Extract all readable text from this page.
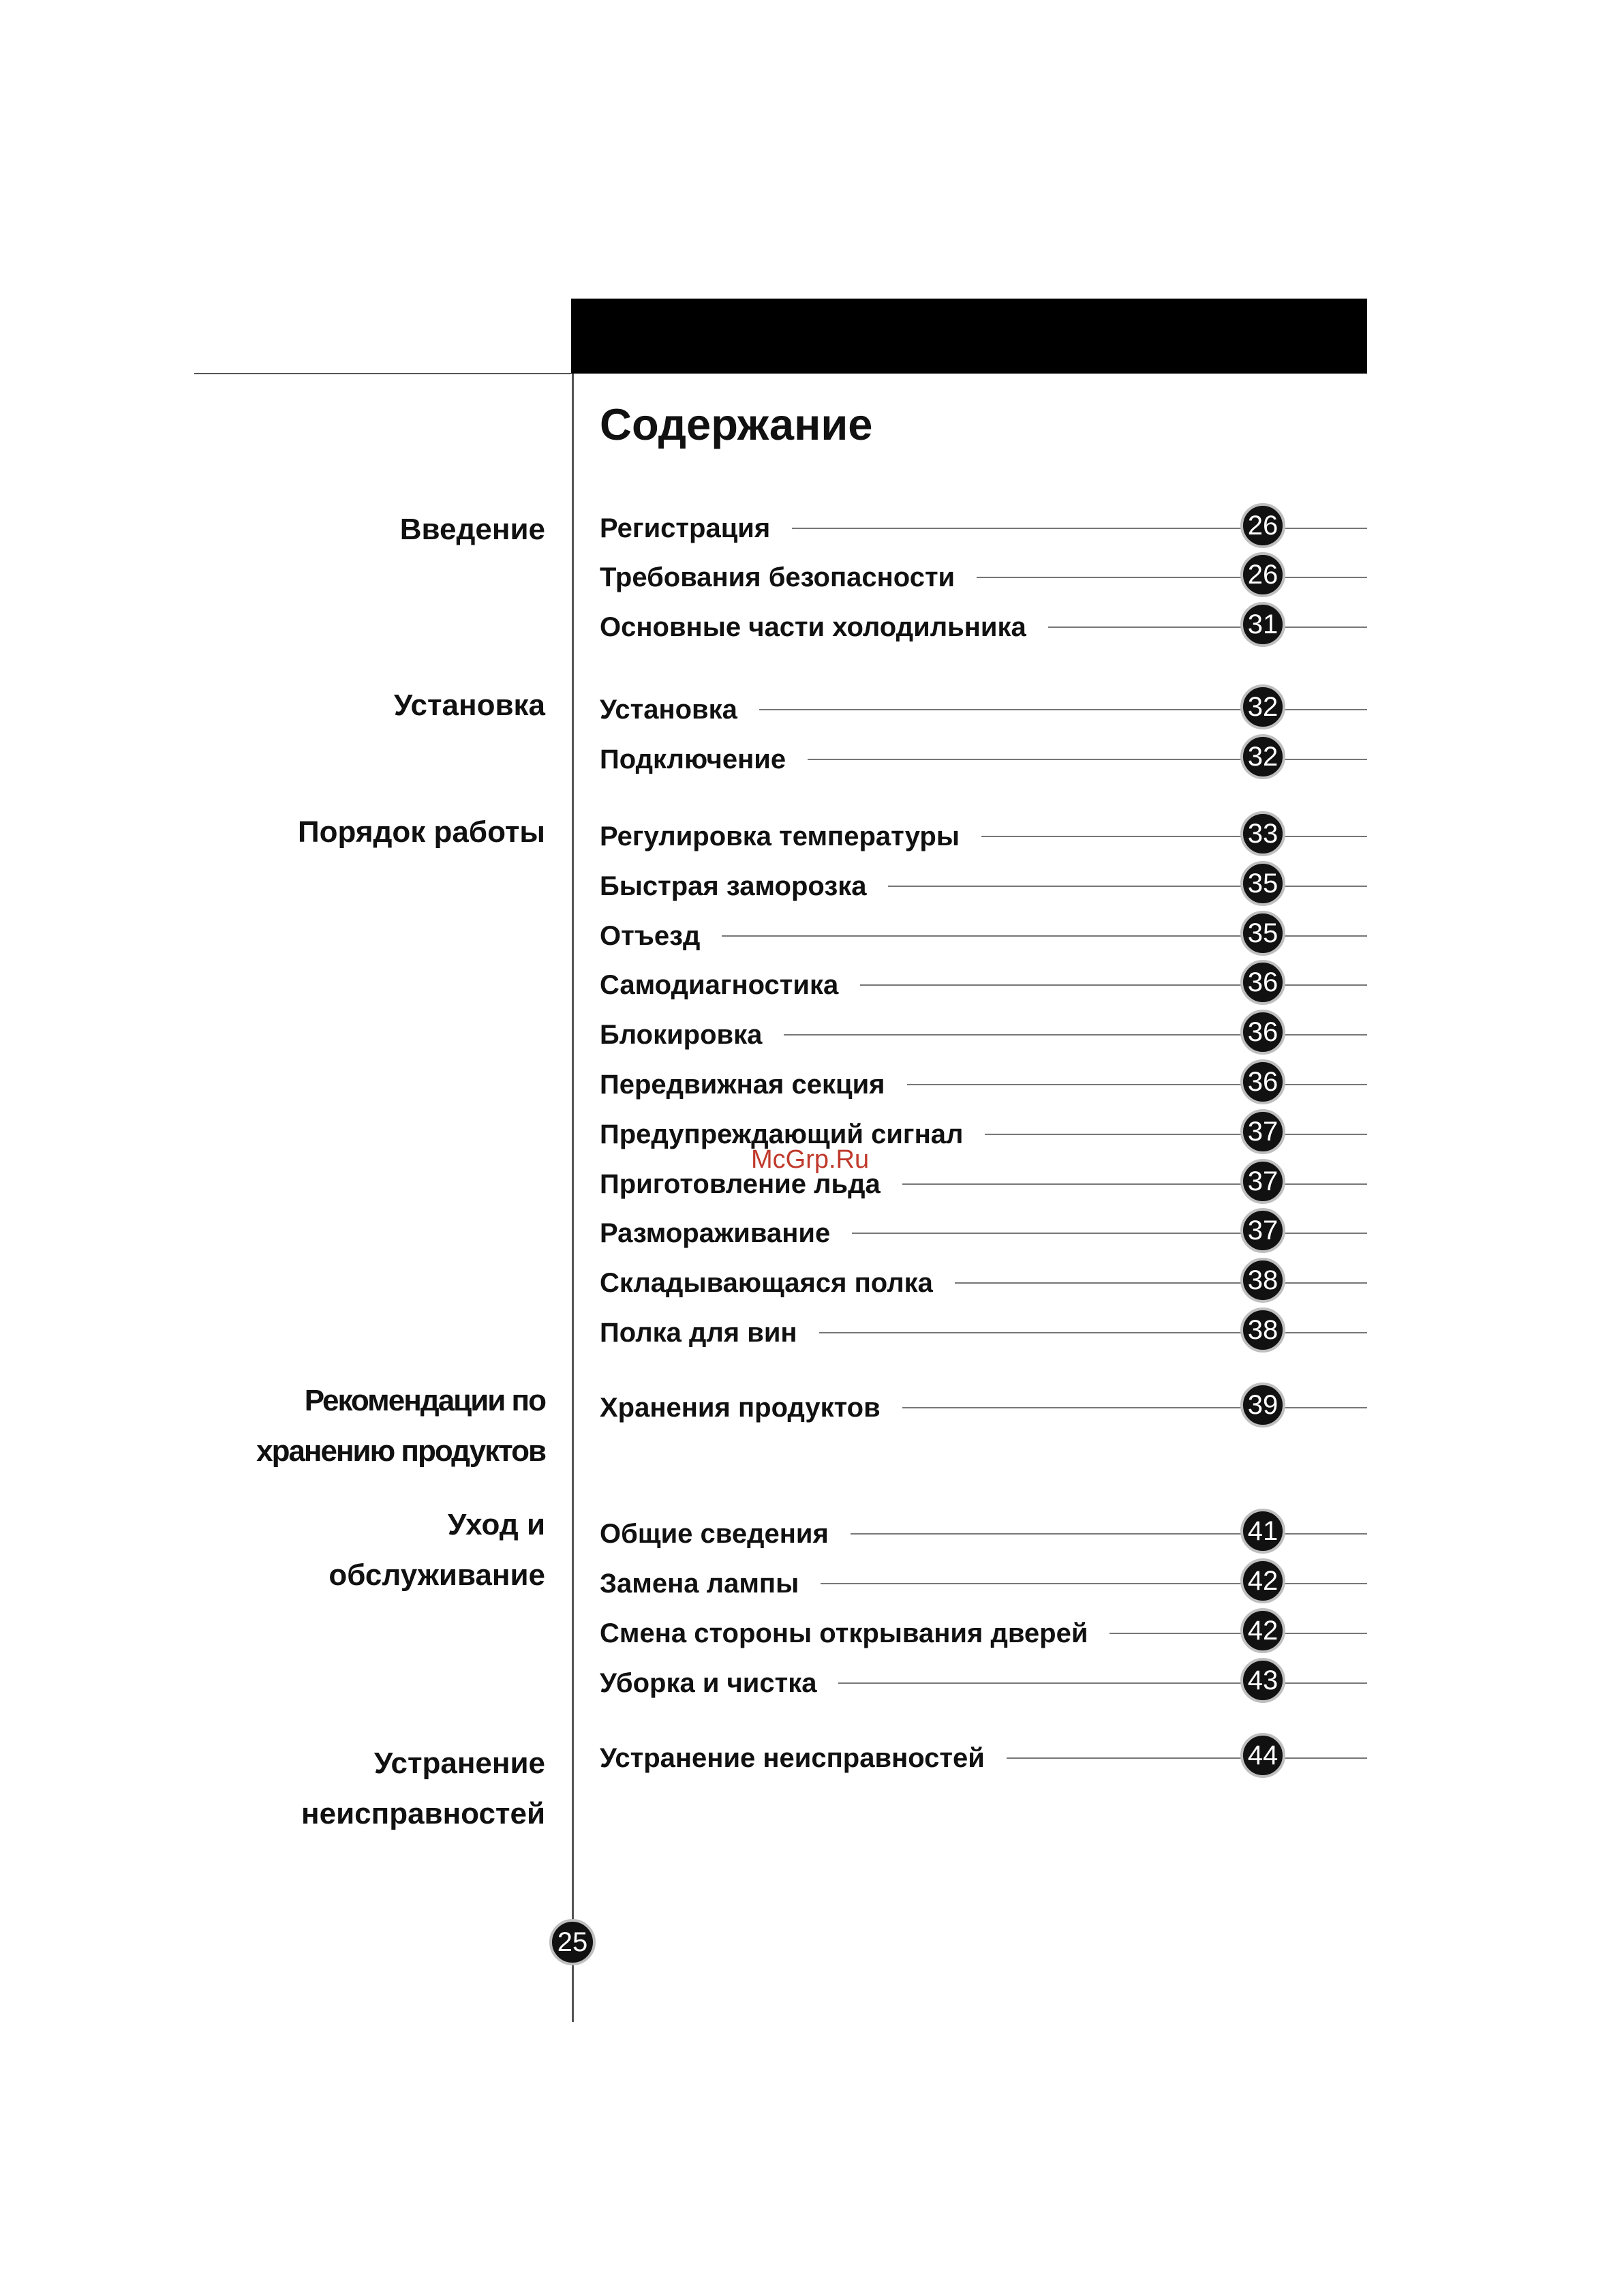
Содержание
Введение
Установка
Порядок работы
Рекомендации по
хранению продуктов
Уход и
обслуживание
Устранение
неисправностей
Регистрация	26
Требования безопасности	26
Основные части холодильника	31
Установка	32
Подключение	32
Регулировка температуры	33
Быстрая заморозка	35
Отъезд	35
Самодиагностика	36
Блокировка	36
Передвижная секция	36
Предупреждающий сигнал	37
Приготовление льда	37
Размораживание	37
Складывающаяся полка	38
Полка для вин	38
Хранения продуктов	39
Общие сведения	41
Замена лампы	42
Смена стороны открывания дверей	42
Уборка и чистка	43
Устранение неисправностей	44
25
McGrp.Ru
